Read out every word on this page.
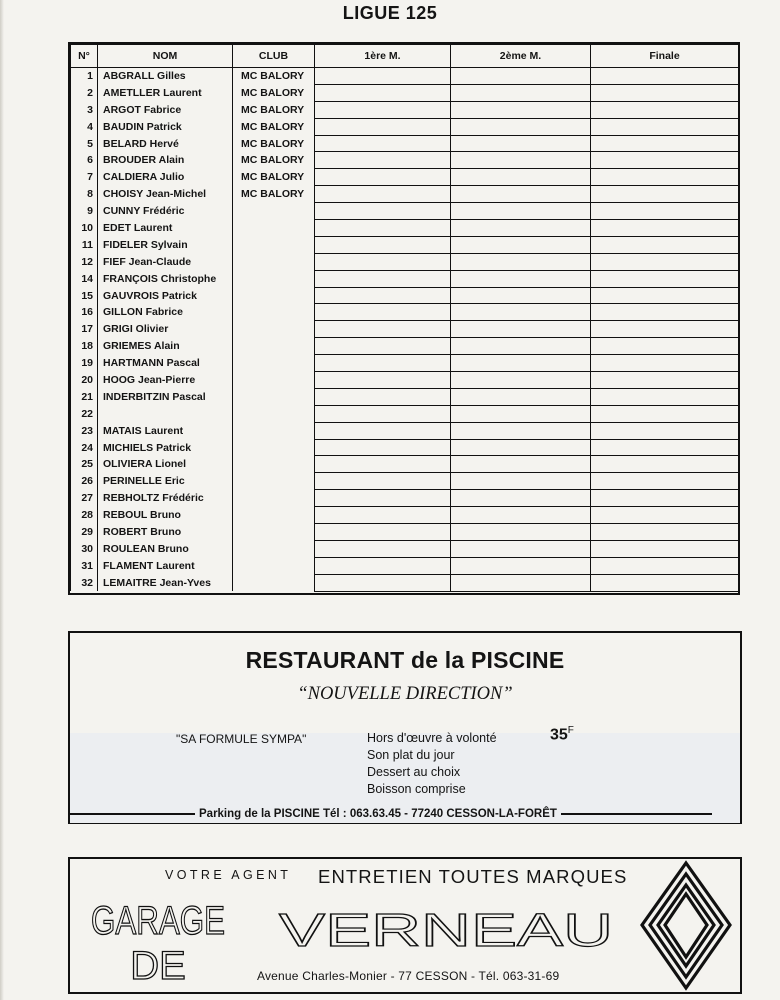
LIGUE 125
N°	NOM	CLUB	1ère M.	2ème M.	Finale
1	ABGRALL Gilles	MC BALORY			
2	AMETLLER Laurent	MC BALORY			
3	ARGOT Fabrice	MC BALORY			
4	BAUDIN Patrick	MC BALORY			
5	BELARD Hervé	MC BALORY			
6	BROUDER Alain	MC BALORY			
7	CALDIERA Julio	MC BALORY			
8	CHOISY Jean-Michel	MC BALORY			
9	CUNNY Frédéric				
10	EDET Laurent				
11	FIDELER Sylvain				
12	FIEF Jean-Claude				
14	FRANÇOIS Christophe				
15	GAUVROIS Patrick				
16	GILLON Fabrice				
17	GRIGI Olivier				
18	GRIEMES Alain				
19	HARTMANN Pascal				
20	HOOG Jean-Pierre				
21	INDERBITZIN Pascal				
22					
23	MATAIS Laurent				
24	MICHIELS Patrick				
25	OLIVIERA Lionel				
26	PERINELLE Eric				
27	REBHOLTZ Frédéric				
28	REBOUL Bruno				
29	ROBERT Bruno				
30	ROULEAN Bruno				
31	FLAMENT Laurent				
32	LEMAITRE Jean-Yves				
RESTAURANT de la PISCINE
“NOUVELLE DIRECTION”
"SA FORMULE SYMPA"	Hors d'œuvre à volonté
Son plat du jour
Dessert au choix
Boisson comprise
$35^F$
Parking de la PISCINE Tél : 063.63.45 - 77240 CESSON-LA-FORÊT
VOTRE AGENT ENTRETIEN TOUTES MARQUES
GARAGE
DE
VERNEAU
Avenue Charles-Monier - 77 CESSON - Tél. 063-31-69
